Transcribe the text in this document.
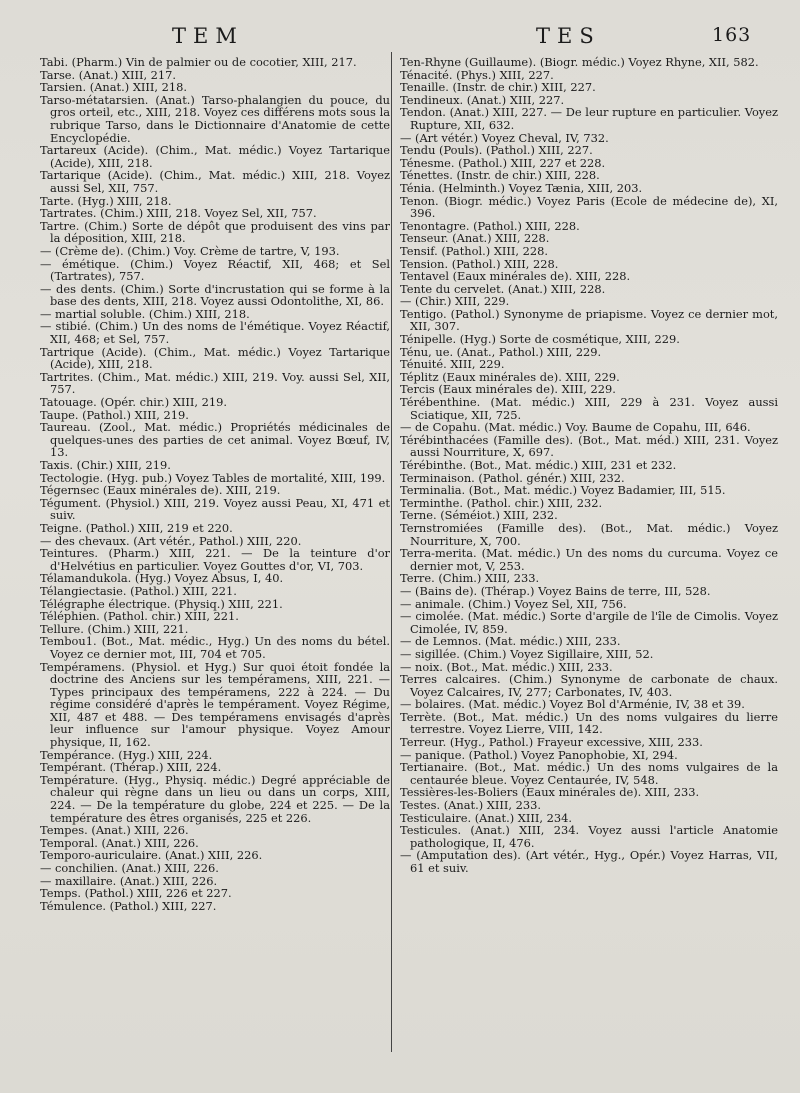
TEM	TES	163

Tabi. (Pharm.) Vin de palmier ou de cocotier, XIII, 217.

Tarse. (Anat.) XIII, 217.

Tarsien. (Anat.) XIII, 218.

Tarso-métatarsien. (Anat.) Tarso-phalangien du pouce, du gros orteil, etc., XIII, 218. Voyez ces différens mots sous la rubrique Tarso, dans le Dictionnaire d'Anatomie de cette Encyclopédie.

Tartareux (Acide). (Chim., Mat. médic.) Voyez Tartarique (Acide), XIII, 218.

Tartarique (Acide). (Chim., Mat. médic.) XIII, 218. Voyez aussi Sel, XII, 757.

Tarte. (Hyg.) XIII, 218.

Tartrates. (Chim.) XIII, 218. Voyez Sel, XII, 757.

Tartre. (Chim.) Sorte de dépôt que produisent des vins par la déposition, XIII, 218.

— (Crème de). (Chim.) Voy. Crème de tartre, V, 193.

— émétique. (Chim.) Voyez Réactif, XII, 468; et Sel (Tartrates), 757.

— des dents. (Chim.) Sorte d'incrustation qui se forme à la base des dents, XIII, 218. Voyez aussi Odontolithe, XI, 86.

— martial soluble. (Chim.) XIII, 218.

— stibié. (Chim.) Un des noms de l'émétique. Voyez Réactif, XII, 468; et Sel, 757.

Tartrique (Acide). (Chim., Mat. médic.) Voyez Tartarique (Acide), XIII, 218.

Tartrites. (Chim., Mat. médic.) XIII, 219. Voy. aussi Sel, XII, 757.

Tatouage. (Opér. chir.) XIII, 219.

Taupe. (Pathol.) XIII, 219.

Taureau. (Zool., Mat. médic.) Propriétés médicinales de quelques-unes des parties de cet animal. Voyez Bœuf, IV, 13.

Taxis. (Chir.) XIII, 219.

Tectologie. (Hyg. pub.) Voyez Tables de mortalité, XIII, 199.

Tégernsec (Eaux minérales de). XIII, 219.

Tégument. (Physiol.) XIII, 219. Voyez aussi Peau, XI, 471 et suiv.

Teigne. (Pathol.) XIII, 219 et 220.

— des chevaux. (Art vétér., Pathol.) XIII, 220.

Teintures. (Pharm.) XIII, 221. — De la teinture d'or d'Helvétius en particulier. Voyez Gouttes d'or, VI, 703.

Télamandukola. (Hyg.) Voyez Absus, I, 40.

Télangiectasie. (Pathol.) XIII, 221.

Télégraphe électrique. (Physiq.) XIII, 221.

Téléphien. (Pathol. chir.) XIII, 221.

Tellure. (Chim.) XIII, 221.

Tembou1. (Bot., Mat. médic., Hyg.) Un des noms du bétel. Voyez ce dernier mot, III, 704 et 705.

Tempéramens. (Physiol. et Hyg.) Sur quoi étoit fondée la doctrine des Anciens sur les tempéramens, XIII, 221. — Types principaux des tempéramens, 222 à 224. — Du régime considéré d'après le tempérament. Voyez Régime, XII, 487 et 488. — Des tempéramens envisagés d'après leur influence sur l'amour physique. Voyez Amour physique, II, 162.

Tempérance. (Hyg.) XIII, 224.

Tempérant. (Thérap.) XIII, 224.

Température. (Hyg., Physiq. médic.) Degré appréciable de chaleur qui règne dans un lieu ou dans un corps, XIII, 224. — De la température du globe, 224 et 225. — De la température des êtres organisés, 225 et 226.

Tempes. (Anat.) XIII, 226.

Temporal. (Anat.) XIII, 226.

Temporo-auriculaire. (Anat.) XIII, 226.

— conchilien. (Anat.) XIII, 226.

— maxillaire. (Anat.) XIII, 226.

Temps. (Pathol.) XIII, 226 et 227.

Témulence. (Pathol.) XIII, 227.

Ten-Rhyne (Guillaume). (Biogr. médic.) Voyez Rhyne, XII, 582.

Ténacité. (Phys.) XIII, 227.

Tenaille. (Instr. de chir.) XIII, 227.

Tendineux. (Anat.) XIII, 227.

Tendon. (Anat.) XIII, 227. — De leur rupture en particulier. Voyez Rupture, XII, 632.

— (Art vétér.) Voyez Cheval, IV, 732.

Tendu (Pouls). (Pathol.) XIII, 227.

Ténesme. (Pathol.) XIII, 227 et 228.

Ténettes. (Instr. de chir.) XIII, 228.

Ténia. (Helminth.) Voyez Tænia, XIII, 203.

Tenon. (Biogr. médic.) Voyez Paris (Ecole de médecine de), XI, 396.

Tenontagre. (Pathol.) XIII, 228.

Tenseur. (Anat.) XIII, 228.

Tensif. (Pathol.) XIII, 228.

Tension. (Pathol.) XIII, 228.

Tentavel (Eaux minérales de). XIII, 228.

Tente du cervelet. (Anat.) XIII, 228.

— (Chir.) XIII, 229.

Tentigo. (Pathol.) Synonyme de priapisme. Voyez ce dernier mot, XII, 307.

Ténipelle. (Hyg.) Sorte de cosmétique, XIII, 229.

Ténu, ue. (Anat., Pathol.) XIII, 229.

Ténuité. XIII, 229.

Téplitz (Eaux minérales de). XIII, 229.

Tercis (Eaux minérales de). XIII, 229.

Térébenthine. (Mat. médic.) XIII, 229 à 231. Voyez aussi Sciatique, XII, 725.

— de Copahu. (Mat. médic.) Voy. Baume de Copahu, III, 646.

Térébinthacées (Famille des). (Bot., Mat. méd.) XIII, 231. Voyez aussi Nourriture, X, 697.

Térébinthe. (Bot., Mat. médic.) XIII, 231 et 232.

Terminaison. (Pathol. génér.) XIII, 232.

Terminalia. (Bot., Mat. médic.) Voyez Badamier, III, 515.

Terminthe. (Pathol. chir.) XIII, 232.

Terne. (Séméiot.) XIII, 232.

Ternstromiées (Famille des). (Bot., Mat. médic.) Voyez Nourriture, X, 700.

Terra-merita. (Mat. médic.) Un des noms du curcuma. Voyez ce dernier mot, V, 253.

Terre. (Chim.) XIII, 233.

— (Bains de). (Thérap.) Voyez Bains de terre, III, 528.

— animale. (Chim.) Voyez Sel, XII, 756.

— cimolée. (Mat. médic.) Sorte d'argile de l'île de Cimolis. Voyez Cimolée, IV, 859.

— de Lemnos. (Mat. médic.) XIII, 233.

— sigillée. (Chim.) Voyez Sigillaire, XIII, 52.

— noix. (Bot., Mat. médic.) XIII, 233.

Terres calcaires. (Chim.) Synonyme de carbonate de chaux. Voyez Calcaires, IV, 277; Carbonates, IV, 403.

— bolaires. (Mat. médic.) Voyez Bol d'Arménie, IV, 38 et 39.

Terrète. (Bot., Mat. médic.) Un des noms vulgaires du lierre terrestre. Voyez Lierre, VIII, 142.

Terreur. (Hyg., Pathol.) Frayeur excessive, XIII, 233.

— panique. (Pathol.) Voyez Panophobie, XI, 294.

Tertianaire. (Bot., Mat. médic.) Un des noms vulgaires de la centaurée bleue. Voyez Centaurée, IV, 548.

Tessières-les-Boliers (Eaux minérales de). XIII, 233.

Testes. (Anat.) XIII, 233.

Testiculaire. (Anat.) XIII, 234.

Testicules. (Anat.) XIII, 234. Voyez aussi l'article Anatomie pathologique, II, 476.

— (Amputation des). (Art vétér., Hyg., Opér.) Voyez Harras, VII, 61 et suiv.
